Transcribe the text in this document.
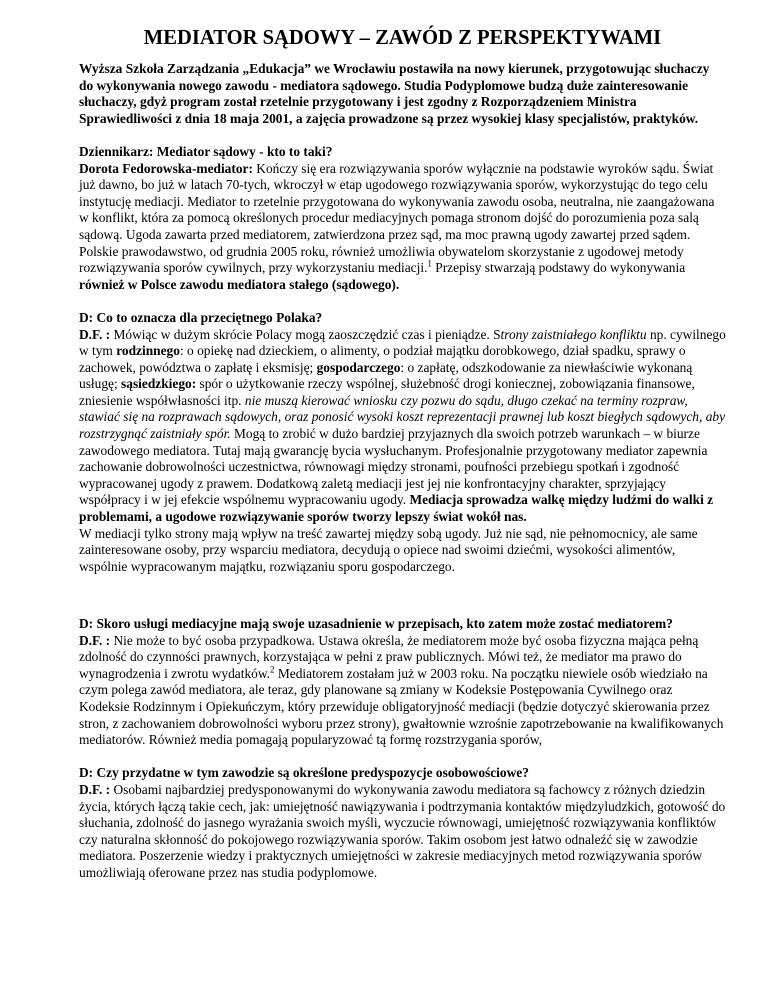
MEDIATOR SĄDOWY – ZAWÓD Z PERSPEKTYWAMI

Wyższa Szkoła Zarządzania „Edukacja” we Wrocławiu postawiła na nowy kierunek, przygotowując słuchaczy do wykonywania nowego zawodu - mediatora sądowego. Studia Podyplomowe budzą duże zainteresowanie słuchaczy, gdyż program został rzetelnie przygotowany i jest zgodny z Rozporządzeniem Ministra Sprawiedliwości z dnia 18 maja 2001, a zajęcia prowadzone są przez wysokiej klasy specjalistów, praktyków.

Dziennikarz: Mediator sądowy - kto to taki?

Dorota Fedorowska-mediator: Kończy się era rozwiązywania sporów wyłącznie na podstawie wyroków sądu. Świat już dawno, bo już w latach 70-tych, wkroczył w etap ugodowego rozwiązywania sporów, wykorzystując do tego celu instytucję mediacji. Mediator to rzetelnie przygotowana do wykonywania zawodu osoba, neutralna, nie zaangażowana w konflikt, która za pomocą określonych procedur mediacyjnych pomaga stronom dojść do porozumienia poza salą sądową. Ugoda zawarta przed mediatorem, zatwierdzona przez sąd, ma moc prawną ugody zawartej przed sądem. Polskie prawodawstwo, od grudnia 2005 roku, również umożliwia obywatelom skorzystanie z ugodowej metody rozwiązywania sporów cywilnych, przy wykorzystaniu mediacji.$^1$ Przepisy stwarzają podstawy do wykonywania również w Polsce zawodu mediatora stałego (sądowego).

D: Co to oznacza dla przeciętnego Polaka?

D.F. : Mówiąc w dużym skrócie Polacy mogą zaoszczędzić czas i pieniądze. Strony zaistniałego konfliktu np. cywilnego w tym rodzinnego: o opiekę nad dzieckiem, o alimenty, o podział majątku dorobkowego, dział spadku, sprawy o zachowek, powództwa o zapłatę i eksmisję; gospodarczego: o zapłatę, odszkodowanie za niewłaściwie wykonaną usługę; sąsiedzkiego: spór o użytkowanie rzeczy wspólnej, służebność drogi koniecznej, zobowiązania finansowe, zniesienie współwłasności itp. nie muszą kierować wniosku czy pozwu do sądu, długo czekać na terminy rozpraw, stawiać się na rozprawach sądowych, oraz ponosić wysoki koszt reprezentacji prawnej lub koszt biegłych sądowych, aby rozstrzygnąć zaistniały spór. Mogą to zrobić w dużo bardziej przyjaznych dla swoich potrzeb warunkach – w biurze zawodowego mediatora. Tutaj mają gwarancję bycia wysłuchanym. Profesjonalnie przygotowany mediator zapewnia zachowanie dobrowolności uczestnictwa, równowagi między stronami, poufności przebiegu spotkań i zgodność wypracowanej ugody z prawem. Dodatkową zaletą mediacji jest jej nie konfrontacyjny charakter, sprzyjający współpracy i w jej efekcie wspólnemu wypracowaniu ugody. Mediacja sprowadza walkę między ludźmi do walki z problemami, a ugodowe rozwiązywanie sporów tworzy lepszy świat wokół nas.

W mediacji tylko strony mają wpływ na treść zawartej między sobą ugody. Już nie sąd, nie pełnomocnicy, ale same zainteresowane osoby, przy wsparciu mediatora, decydują o opiece nad swoimi dziećmi, wysokości alimentów, wspólnie wypracowanym majątku, rozwiązaniu sporu gospodarczego.

D: Skoro usługi mediacyjne mają swoje uzasadnienie w przepisach, kto zatem może zostać mediatorem?

D.F. : Nie może to być osoba przypadkowa. Ustawa określa, że mediatorem może być osoba fizyczna mająca pełną zdolność do czynności prawnych, korzystająca w pełni z praw publicznych. Mówi też, że mediator ma prawo do wynagrodzenia i zwrotu wydatków.$^2$ Mediatorem zostałam już w 2003 roku. Na początku niewiele osób wiedziało na czym polega zawód mediatora, ale teraz, gdy planowane są zmiany w Kodeksie Postępowania Cywilnego oraz Kodeksie Rodzinnym i Opiekuńczym, który przewiduje obligatoryjność mediacji (będzie dotyczyć skierowania przez stron, z zachowaniem dobrowolności wyboru przez strony), gwałtownie wzrośnie zapotrzebowanie na kwalifikowanych mediatorów. Również media pomagają popularyzować tą formę rozstrzygania sporów,

D: Czy przydatne w tym zawodzie są określone predyspozycje osobowościowe?

D.F. : Osobami najbardziej predysponowanymi do wykonywania zawodu mediatora są fachowcy z różnych dziedzin życia, których łączą takie cech, jak: umiejętność nawiązywania i podtrzymania kontaktów międzyludzkich, gotowość do słuchania, zdolność do jasnego wyrażania swoich myśli, wyczucie równowagi, umiejętność rozwiązywania konfliktów czy naturalna skłonność do pokojowego rozwiązywania sporów. Takim osobom jest łatwo odnaleźć się w zawodzie mediatora. Poszerzenie wiedzy i praktycznych umiejętności w zakresie mediacyjnych metod rozwiązywania sporów umożliwiają oferowane przez nas studia podyplomowe.
